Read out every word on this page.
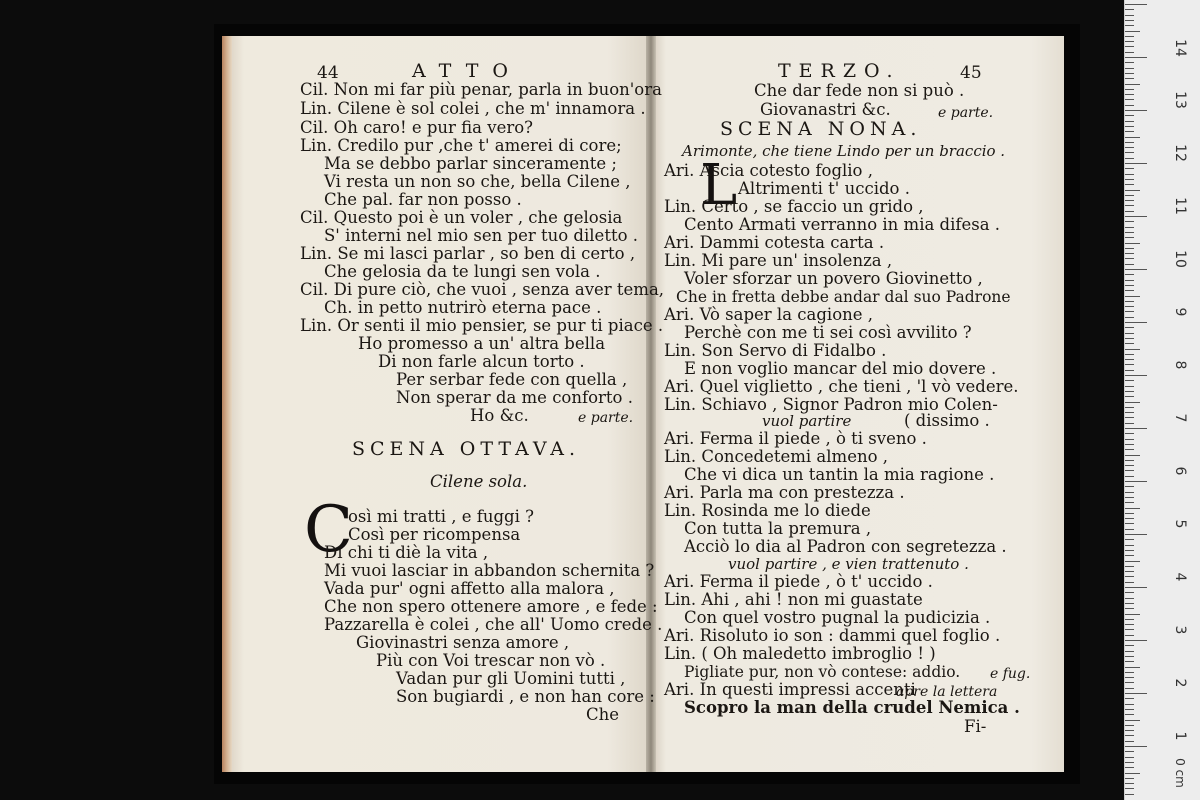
44	ATTO
Cil. Non mi far più penar, parla in buon'ora
Lin. Cilene è sol colei , che m' innamora .
Cil. Oh caro! e pur fia vero?
Lin. Credilo pur ,che t' amerei di core;
Ma se debbo parlar sinceramente ;
Vi resta un non so che, bella Cilene ,
Che pal. far non posso .
Cil. Questo poi è un voler , che gelosia
S' interni nel mio sen per tuo diletto .
Lin. Se mi lasci parlar , so ben di certo ,
Che gelosia da te lungi sen vola .
Cil. Di pure ciò, che vuoi , senza aver tema,
Ch. in petto nutrirò eterna pace .
Lin. Or senti il mio pensier, se pur ti piace .
Ho promesso a un' altra bella
Di non farle alcun torto .
Per serbar fede con quella ,
Non sperar da me conforto .
Ho &c.	e parte.
SCENA OTTAVA.
Cilene sola.
C
osì mi tratti , e fuggi ?
Così per ricompensa
Di chi ti diè la vita ,
Mi vuoi lasciar in abbandon schernita ?
Vada pur' ogni affetto alla malora ,
Che non spero ottenere amore , e fede :
Pazzarella è colei , che all' Uomo crede .
Giovinastri senza amore ,
Più con Voi trescar non vò .
Vadan pur gli Uomini tutti ,
Son bugiardi , e non han core :
Che
TERZO.	45
Che dar fede non si può .
Giovanastri &c.	e parte.
SCENA NONA.
Arimonte, che tiene Lindo per un braccio .
L
Ari. Ascia cotesto foglio ,
Altrimenti t' uccido .
Lin. Certo , se faccio un grido ,
Cento Armati verranno in mia difesa .
Ari. Dammi cotesta carta .
Lin. Mi pare un' insolenza ,
Voler sforzar un povero Giovinetto ,
Che in fretta debbe andar dal suo Padrone
Ari. Vò saper la cagione ,
Perchè con me ti sei così avvilito ?
Lin. Son Servo di Fidalbo .
E non voglio mancar del mio dovere .
Ari. Quel viglietto , che tieni , 'l vò vedere.
Lin. Schiavo , Signor Padron mio Colen-
vuol partire	( dissimo .
Ari. Ferma il piede , ò ti sveno .
Lin. Concedetemi almeno ,
Che vi dica un tantin la mia ragione .
Ari. Parla ma con prestezza .
Lin. Rosinda me lo diede
Con tutta la premura ,
Acciò lo dia al Padron con segretezza .
vuol partire , e vien trattenuto .
Ari. Ferma il piede , ò t' uccido .
Lin. Ahi , ahi ! non mi guastate
Con quel vostro pugnal la pudicizia .
Ari. Risoluto io son : dammi quel foglio .
Lin. ( Oh maledetto imbroglio ! )
Pigliate pur, non vò contese: addio. e fug.
Ari. In questi impressi accenti
apre la lettera
Scopro la man della crudel Nemica .
Fi-
14
13
12
11
10
9
8
7
6
5
4
3
2
1
0 cm
